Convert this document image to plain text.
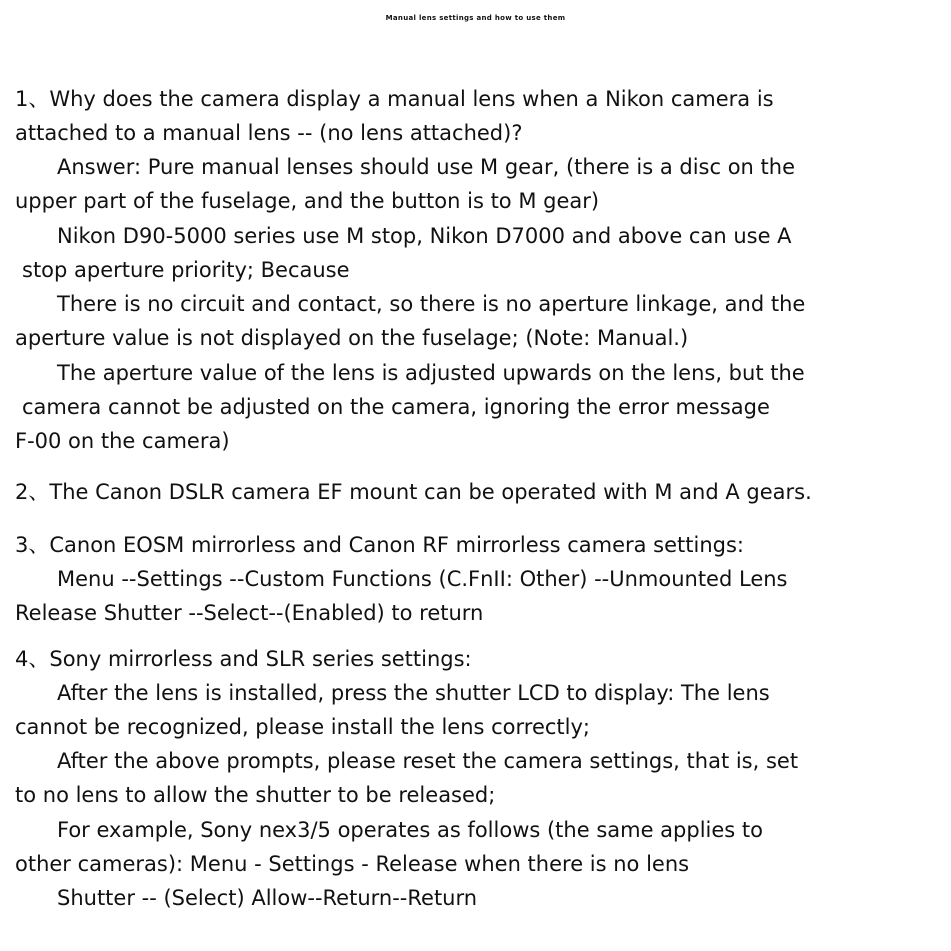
Manual lens settings and how to use them
1、Why does the camera display a manual lens when a Nikon camera is
attached to a manual lens -- (no lens attached)?
Answer: Pure manual lenses should use M gear, (there is a disc on the
upper part of the fuselage, and the button is to M gear)
Nikon D90-5000 series use M stop, Nikon D7000 and above can use A
stop aperture priority; Because
There is no circuit and contact, so there is no aperture linkage, and the
aperture value is not displayed on the fuselage; (Note: Manual.)
The aperture value of the lens is adjusted upwards on the lens, but the
camera cannot be adjusted on the camera, ignoring the error message
F-00 on the camera)
2、The Canon DSLR camera EF mount can be operated with M and A gears.
3、Canon EOSM mirrorless and Canon RF mirrorless camera settings:
Menu --Settings --Custom Functions (C.FnII: Other) --Unmounted Lens
Release Shutter --Select--(Enabled) to return
4、Sony mirrorless and SLR series settings:
After the lens is installed, press the shutter LCD to display: The lens
cannot be recognized, please install the lens correctly;
After the above prompts, please reset the camera settings, that is, set
to no lens to allow the shutter to be released;
For example, Sony nex3/5 operates as follows (the same applies to
other cameras): Menu - Settings - Release when there is no lens
Shutter -- (Select) Allow--Return--Return
